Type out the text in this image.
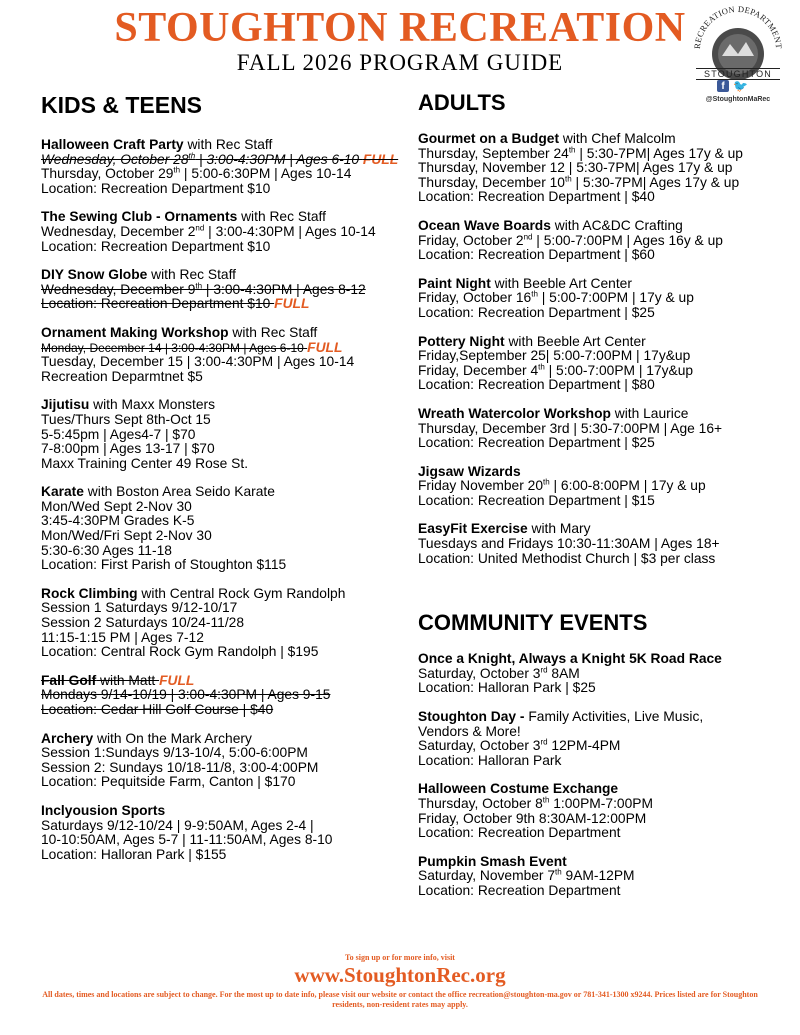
STOUGHTON RECREATION
FALL 2026 PROGRAM GUIDE
RECREATION DEPARTMENT
STOUGHTON
f 🐦
@StoughtonMaRec
KIDS & TEENS
Halloween Craft Party with Rec Staff
Wednesday, October 28th | 3:00-4:30PM | Ages 6-10 FULL
Thursday, October 29th | 5:00-6:30PM | Ages 10-14
Location: Recreation Department $10
The Sewing Club - Ornaments with Rec Staff
Wednesday, December 2nd | 3:00-4:30PM | Ages 10-14
Location: Recreation Department $10
DIY Snow Globe with Rec Staff
Wednesday, December 9th | 3:00-4:30PM | Ages 8-12
Location: Recreation Department $10 FULL
Ornament Making Workshop with Rec Staff
Monday, December 14 | 3:00-4:30PM | Ages 6-10 FULL
Tuesday, December 15 | 3:00-4:30PM | Ages 10-14
Recreation Deparmtnet $5
Jijutisu with Maxx Monsters
Tues/Thurs Sept 8th-Oct 15
5-5:45pm | Ages4-7 | $70
7-8:00pm | Ages 13-17 | $70
Maxx Training Center 49 Rose St.
Karate with Boston Area Seido Karate
Mon/Wed Sept 2-Nov 30
3:45-4:30PM Grades K-5
Mon/Wed/Fri Sept 2-Nov 30
5:30-6:30 Ages 11-18
Location: First Parish of Stoughton $115
Rock Climbing with Central Rock Gym Randolph
Session 1 Saturdays 9/12-10/17
Session 2 Saturdays 10/24-11/28
11:15-1:15 PM | Ages 7-12
Location: Central Rock Gym Randolph | $195
Fall Golf with Matt FULL
Mondays 9/14-10/19 | 3:00-4:30PM | Ages 9-15
Location: Cedar Hill Golf Course | $40
Archery with On the Mark Archery
Session 1:Sundays 9/13-10/4, 5:00-6:00PM
Session 2: Sundays 10/18-11/8, 3:00-4:00PM
Location: Pequitside Farm, Canton | $170
Inclyousion Sports
Saturdays 9/12-10/24 | 9-9:50AM, Ages 2-4 |
10-10:50AM, Ages 5-7 | 11-11:50AM, Ages 8-10
Location: Halloran Park | $155
ADULTS
Gourmet on a Budget with Chef Malcolm
Thursday, September 24th | 5:30-7PM| Ages 17y & up
Thursday, November 12 | 5:30-7PM| Ages 17y & up
Thursday, December 10th | 5:30-7PM| Ages 17y & up
Location: Recreation Department | $40
Ocean Wave Boards with AC&DC Crafting
Friday, October 2nd | 5:00-7:00PM | Ages 16y & up
Location: Recreation Department | $60
Paint Night with Beeble Art Center
Friday, October 16th | 5:00-7:00PM | 17y & up
Location: Recreation Department | $25
Pottery Night with Beeble Art Center
Friday,September 25| 5:00-7:00PM | 17y&up
Friday, December 4th | 5:00-7:00PM | 17y&up
Location: Recreation Department | $80
Wreath Watercolor Workshop with Laurice
Thursday, December 3rd | 5:30-7:00PM | Age 16+
Location: Recreation Department | $25
Jigsaw Wizards
Friday November 20th | 6:00-8:00PM | 17y & up
Location: Recreation Department | $15
EasyFit Exercise with Mary
Tuesdays and Fridays 10:30-11:30AM | Ages 18+
Location: United Methodist Church | $3 per class
COMMUNITY EVENTS
Once a Knight, Always a Knight 5K Road Race
Saturday, October 3rd 8AM
Location: Halloran Park | $25
Stoughton Day - Family Activities, Live Music,
Vendors & More!
Saturday, October 3rd 12PM-4PM
Location: Halloran Park
Halloween Costume Exchange
Thursday, October 8th 1:00PM-7:00PM
Friday, October 9th 8:30AM-12:00PM
Location: Recreation Department
Pumpkin Smash Event
Saturday, November 7th 9AM-12PM
Location: Recreation Department
To sign up or for more info, visit
www.StoughtonRec.org
All dates, times and locations are subject to change. For the most up to date info, please visit our website or contact the office recreation@stoughton-ma.gov or 781-341-1300 x9244. Prices listed are for Stoughton residents, non-resident rates may apply.
